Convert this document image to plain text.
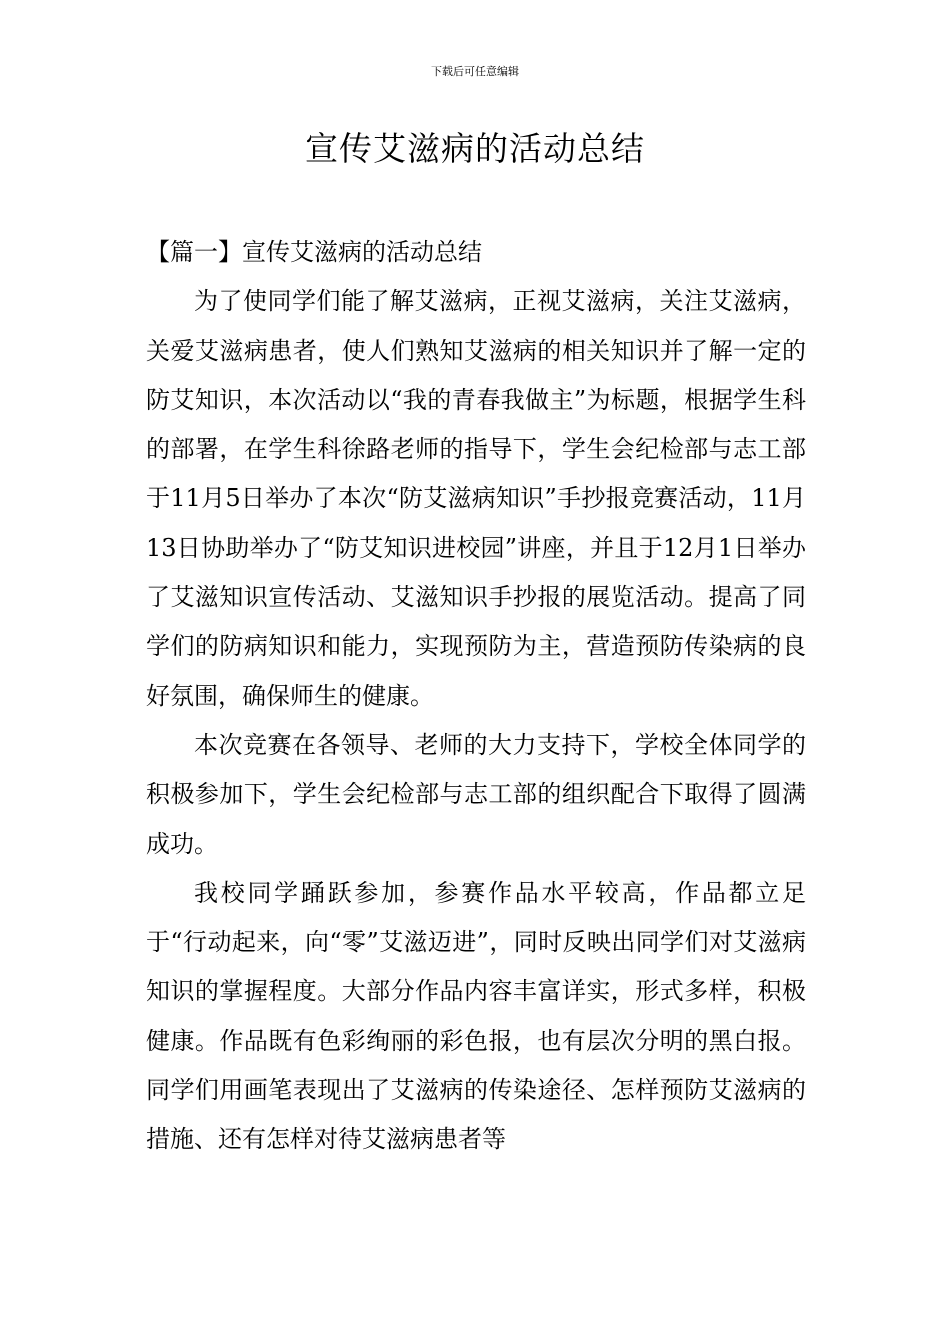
下载后可任意编辑
宣传艾滋病的活动总结

【篇一】宣传艾滋病的活动总结

为了使同学们能了解艾滋病，正视艾滋病，关注艾滋病，关爱艾滋病患者，使人们熟知艾滋病的相关知识并了解一定的防艾知识，本次活动以“我的青春我做主”为标题，根据学生科的部署，在学生科徐路老师的指导下，学生会纪检部与志工部于11月5日举办了本次“防艾滋病知识”手抄报竞赛活动，11月13日协助举办了“防艾知识进校园”讲座，并且于12月1日举办了艾滋知识宣传活动、艾滋知识手抄报的展览活动。提高了同学们的防病知识和能力，实现预防为主，营造预防传染病的良好氛围，确保师生的健康。

本次竞赛在各领导、老师的大力支持下，学校全体同学的积极参加下，学生会纪检部与志工部的组织配合下取得了圆满成功。

我校同学踊跃参加，参赛作品水平较高，作品都立足于“行动起来，向“零”艾滋迈进”，同时反映出同学们对艾滋病知识的掌握程度。大部分作品内容丰富详实，形式多样，积极健康。作品既有色彩绚丽的彩色报，也有层次分明的黑白报。同学们用画笔表现出了艾滋病的传染途径、怎样预防艾滋病的措施、还有怎样对待艾滋病患者等
